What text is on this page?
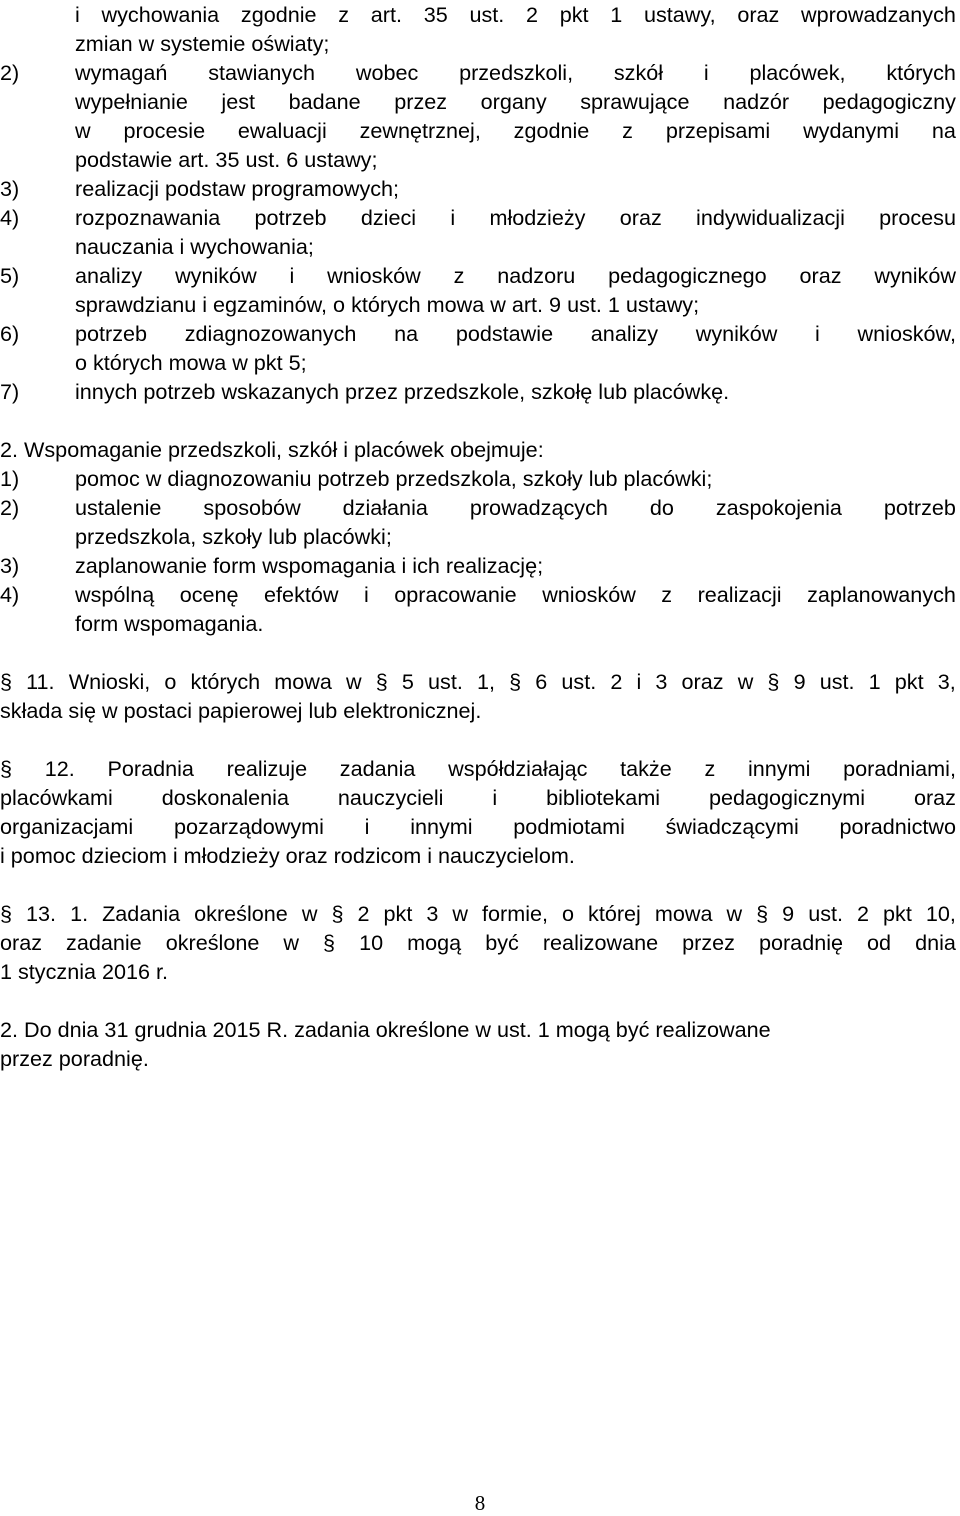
i wychowania zgodnie z art. 35 ust. 2 pkt 1 ustawy, oraz wprowadzanych
zmian w systemie oświaty;
2)	wymagań stawianych wobec przedszkoli, szkół i placówek, których
wypełnianie jest badane przez organy sprawujące nadzór pedagogiczny
w procesie ewaluacji zewnętrznej, zgodnie z przepisami wydanymi na
podstawie art. 35 ust. 6 ustawy;
3)	realizacji podstaw programowych;
4)	rozpoznawania potrzeb dzieci i młodzieży oraz indywidualizacji procesu
nauczania i wychowania;
5)	analizy wyników i wniosków z nadzoru pedagogicznego oraz wyników
sprawdzianu i egzaminów, o których mowa w art. 9 ust. 1 ustawy;
6)	potrzeb zdiagnozowanych na podstawie analizy wyników i wniosków,
o których mowa w pkt 5;
7)	innych potrzeb wskazanych przez przedszkole, szkołę lub placówkę.
2. Wspomaganie przedszkoli, szkół i placówek obejmuje:
1)	pomoc w diagnozowaniu potrzeb przedszkola, szkoły lub placówki;
2)	ustalenie sposobów działania prowadzących do zaspokojenia potrzeb
przedszkola, szkoły lub placówki;
3)	zaplanowanie form wspomagania i ich realizację;
4)	wspólną ocenę efektów i opracowanie wniosków z realizacji zaplanowanych
form wspomagania.
§ 11. Wnioski, o których mowa w § 5 ust. 1, § 6 ust. 2 i 3 oraz w § 9 ust. 1 pkt 3,
składa się w postaci papierowej lub elektronicznej.
§ 12. Poradnia realizuje zadania współdziałając także z innymi poradniami,
placówkami doskonalenia nauczycieli i bibliotekami pedagogicznymi oraz
organizacjami pozarządowymi i innymi podmiotami świadczącymi poradnictwo
i pomoc dzieciom i młodzieży oraz rodzicom i nauczycielom.
§ 13. 1. Zadania określone w § 2 pkt 3 w formie, o której mowa w § 9 ust. 2 pkt 10,
oraz zadanie określone w § 10 mogą być realizowane przez poradnię od dnia
1 stycznia 2016 r.
2. Do dnia 31 grudnia 2015 R. zadania określone w ust. 1 mogą być realizowane
przez poradnię.
8
